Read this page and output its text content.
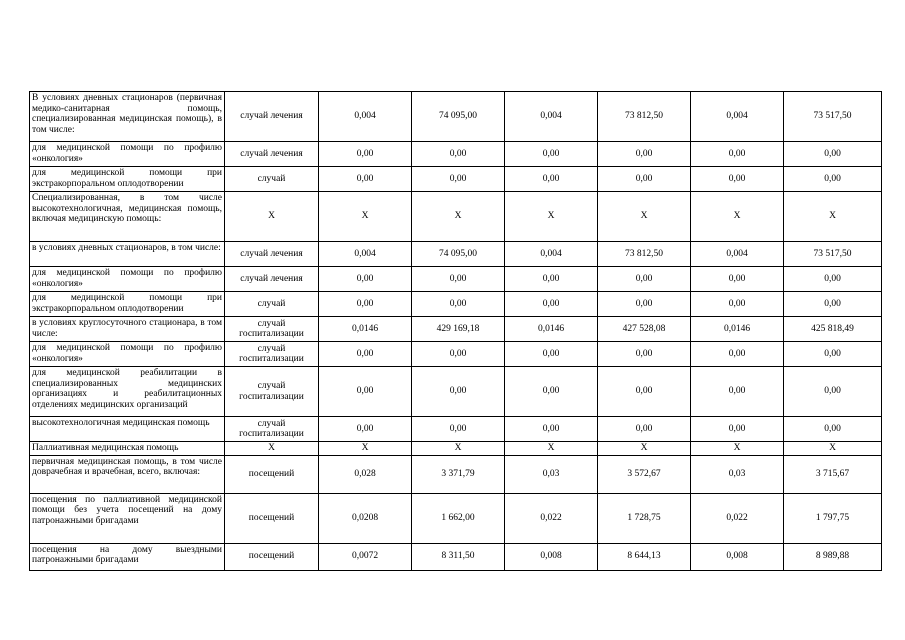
В условиях дневных стационаров (первичная медико-санитарная помощь, специализированная медицинская помощь), в том числе:	случай лечения	0,004	74 095,00	0,004	73 812,50	0,004	73 517,50
для медицинской помощи по профилю «онкология»	случай лечения	0,00	0,00	0,00	0,00	0,00	0,00
для медицинской помощи при экстракорпоральном оплодотворении	случай	0,00	0,00	0,00	0,00	0,00	0,00
Специализированная, в том числе высокотехнологичная, медицинская помощь, включая медицинскую помощь:	X	X	X	X	X	X	X
в условиях дневных стационаров, в том числе:	случай лечения	0,004	74 095,00	0,004	73 812,50	0,004	73 517,50
для медицинской помощи по профилю «онкология»	случай лечения	0,00	0,00	0,00	0,00	0,00	0,00
для медицинской помощи при экстракорпоральном оплодотворении	случай	0,00	0,00	0,00	0,00	0,00	0,00
в условиях круглосуточного стационара, в том числе:	случай госпитализации	0,0146	429 169,18	0,0146	427 528,08	0,0146	425 818,49
для медицинской помощи по профилю «онкология»	случай госпитализации	0,00	0,00	0,00	0,00	0,00	0,00
для медицинской реабилитации в специализированных медицинских организациях и реабилитационных отделениях медицинских организаций	случай госпитализации	0,00	0,00	0,00	0,00	0,00	0,00
высокотехнологичная медицинская помощь	случай госпитализации	0,00	0,00	0,00	0,00	0,00	0,00
Паллиативная медицинская помощь	X	X	X	X	X	X	X
первичная медицинская помощь, в том числе доврачебная и врачебная, всего, включая:	посещений	0,028	3 371,79	0,03	3 572,67	0,03	3 715,67
посещения по паллиативной медицинской помощи без учета посещений на дому патронажными бригадами	посещений	0,0208	1 662,00	0,022	1 728,75	0,022	1 797,75
посещения на дому выездными патронажными бригадами	посещений	0,0072	8 311,50	0,008	8 644,13	0,008	8 989,88
